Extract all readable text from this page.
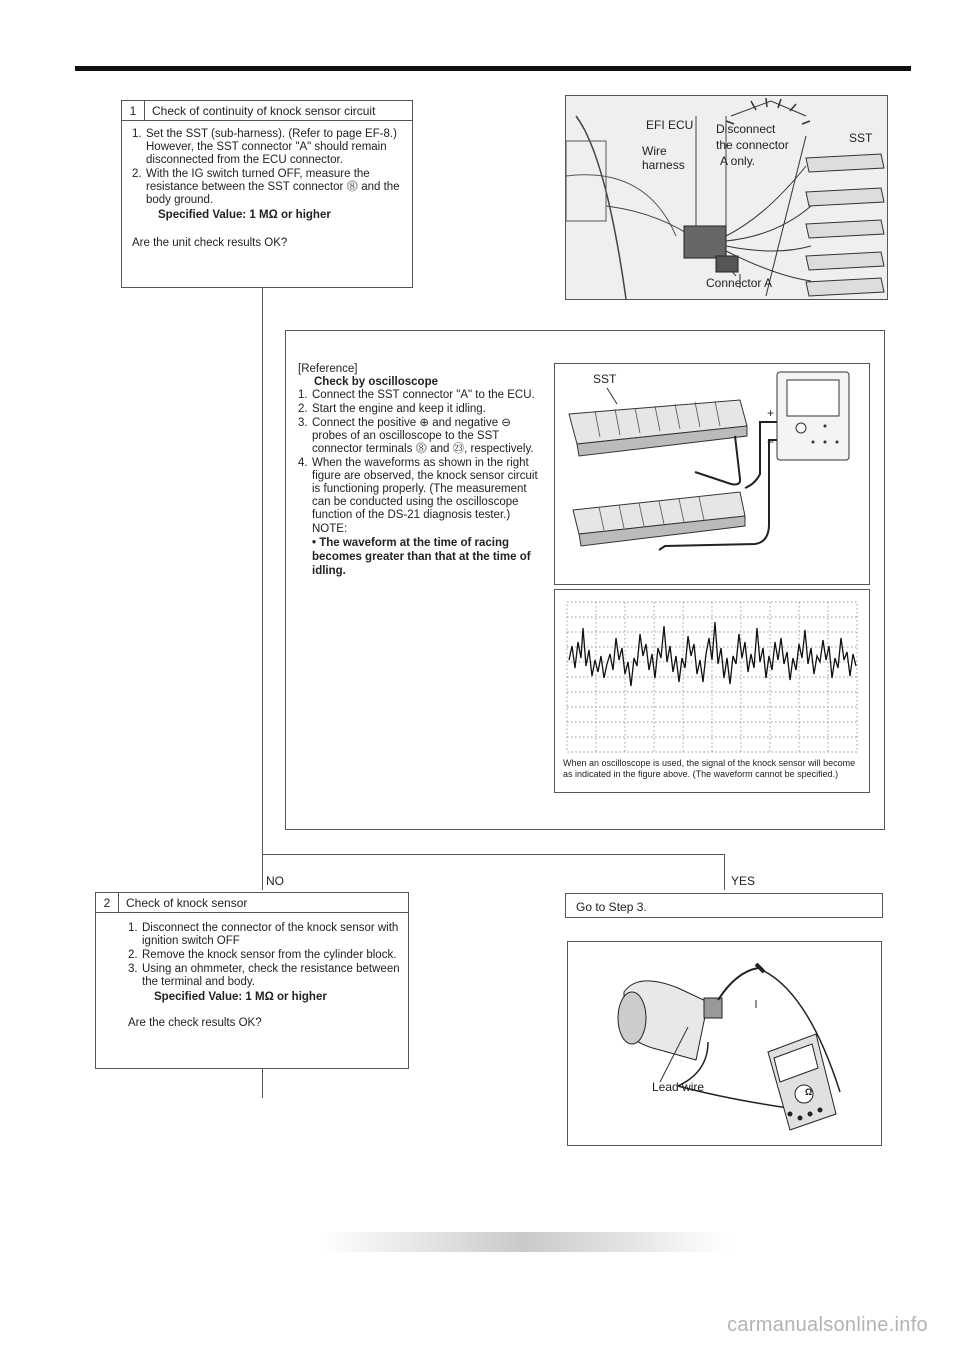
1	Check of continuity of knock sensor circuit
1. Set the SST (sub-harness). (Refer to page EF-8.) However, the SST connector "A" should remain disconnected from the ECU connector.
2. With the IG switch turned OFF, measure the resistance between the SST connector ⓼ and the body ground.
Specified Value: 1 MΩ or higher
Are the unit check results OK?
EFI ECU
Wire
harness
Disconnect
the connector
A only.
SST
Connector A
[Reference]
Check by oscilloscope
1. Connect the SST connector "A" to the ECU.
2. Start the engine and keep it idling.
3. Connect the positive ⊕ and negative ⊖ probes of an oscilloscope to the SST connector terminals ⓼ and ㉓, respectively.
4. When the waveforms as shown in the right figure are observed, the knock sensor circuit is functioning properly. (The measurement can be conducted using the oscilloscope function of the DS-21 diagnosis tester.)
NOTE:
• The waveform at the time of racing becomes greater than that at the time of idling.
+
−
SST
When an oscilloscope is used, the signal of the knock sensor will become as indicated in the figure above. (The waveform cannot be specified.)
NO	YES
2	Check of knock sensor
1. Disconnect the connector of the knock sensor with ignition switch OFF
2. Remove the knock sensor from the cylinder block.
3. Using an ohmmeter, check the resistance between the terminal and body.
Specified Value: 1 MΩ or higher
Are the check results OK?
Go to Step 3.
Ω
Lead wire
carmanualsonline.info
